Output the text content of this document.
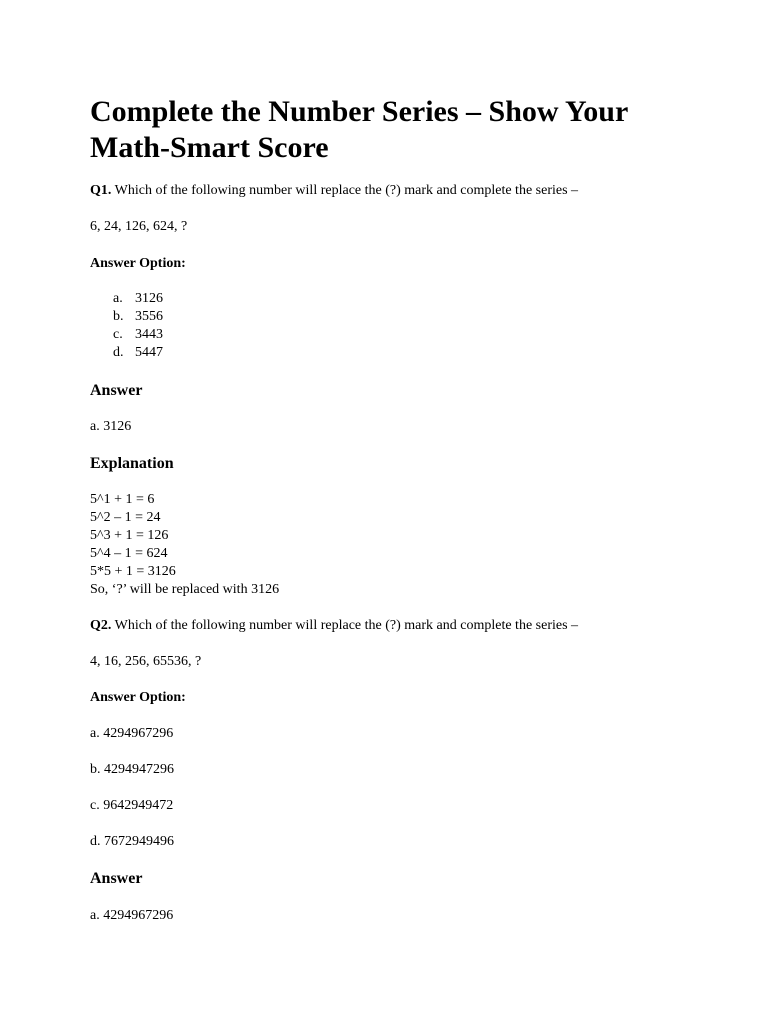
Complete the Number Series – Show Your Math-Smart Score
Q1. Which of the following number will replace the (?) mark and complete the series –
6, 24, 126, 624, ?
Answer Option:
a. 3126
b. 3556
c. 3443
d. 5447
Answer
a. 3126
Explanation
5^1 + 1 = 6
5^2 – 1 = 24
5^3 + 1 = 126
5^4 – 1 = 624
5*5 + 1 = 3126
So, ‘?’ will be replaced with 3126
Q2. Which of the following number will replace the (?) mark and complete the series –
4, 16, 256, 65536, ?
Answer Option:
a. 4294967296
b. 4294947296
c. 9642949472
d. 7672949496
Answer
a. 4294967296
